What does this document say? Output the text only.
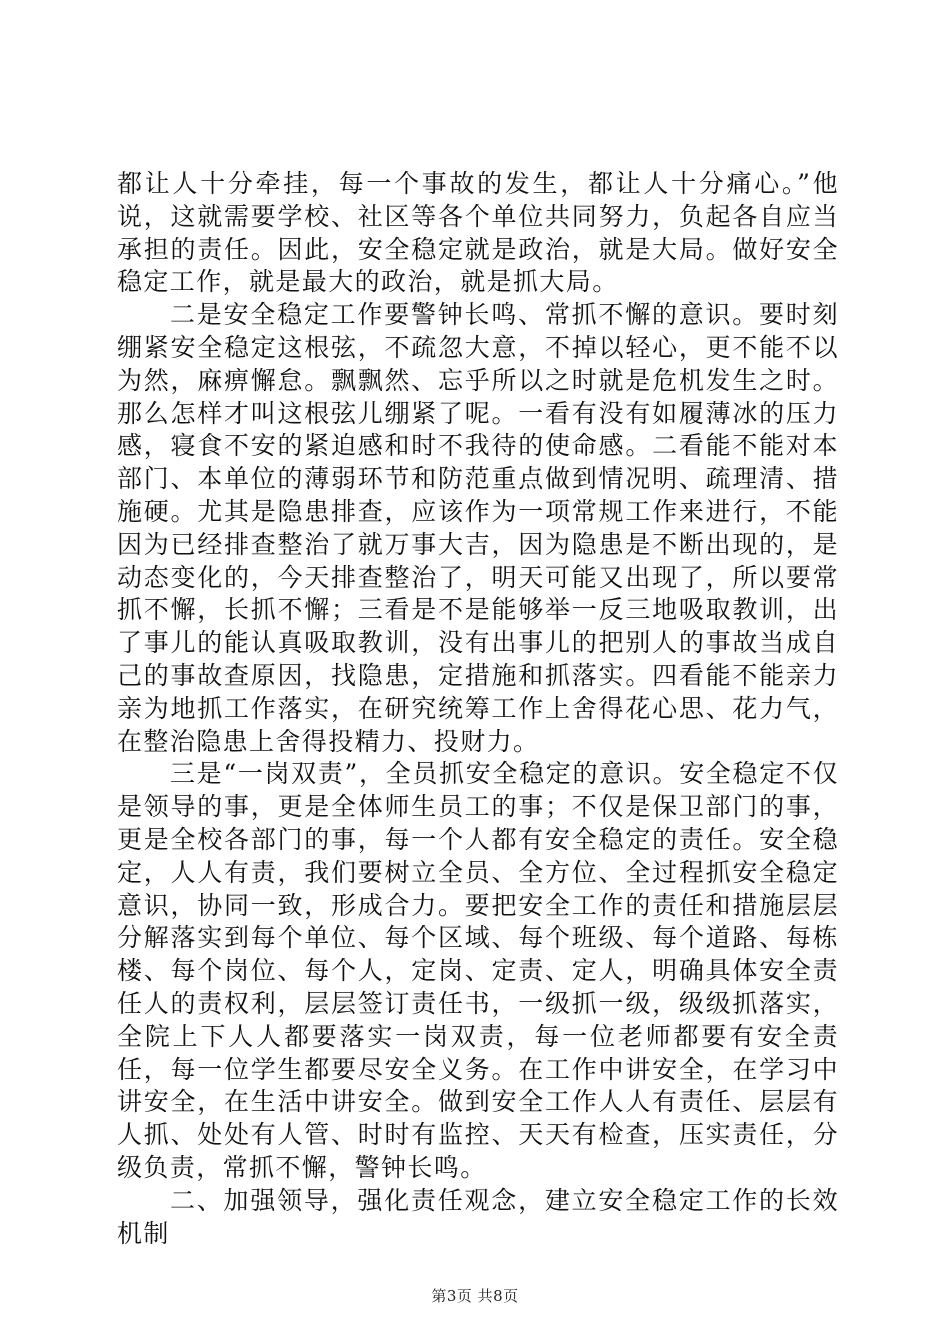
都让人十分牵挂，每一个事故的发生，都让人十分痛心。”他说，这就需要学校、社区等各个单位共同努力，负起各自应当承担的责任。因此，安全稳定就是政治，就是大局。做好安全稳定工作，就是最大的政治，就是抓大局。

二是安全稳定工作要警钟长鸣、常抓不懈的意识。要时刻绷紧安全稳定这根弦，不疏忽大意，不掉以轻心，更不能不以为然，麻痹懈怠。飘飘然、忘乎所以之时就是危机发生之时。那么怎样才叫这根弦儿绷紧了呢。一看有没有如履薄冰的压力感，寝食不安的紧迫感和时不我待的使命感。二看能不能对本部门、本单位的薄弱环节和防范重点做到情况明、疏理清、措施硬。尤其是隐患排查，应该作为一项常规工作来进行，不能因为已经排查整治了就万事大吉，因为隐患是不断出现的，是动态变化的，今天排查整治了，明天可能又出现了，所以要常抓不懈，长抓不懈；三看是不是能够举一反三地吸取教训，出了事儿的能认真吸取教训，没有出事儿的把别人的事故当成自己的事故查原因，找隐患，定措施和抓落实。四看能不能亲力亲为地抓工作落实，在研究统筹工作上舍得花心思、花力气，在整治隐患上舍得投精力、投财力。

三是“一岗双责”，全员抓安全稳定的意识。安全稳定不仅是领导的事，更是全体师生员工的事；不仅是保卫部门的事，更是全校各部门的事，每一个人都有安全稳定的责任。安全稳定，人人有责，我们要树立全员、全方位、全过程抓安全稳定意识，协同一致，形成合力。要把安全工作的责任和措施层层分解落实到每个单位、每个区域、每个班级、每个道路、每栋楼、每个岗位、每个人，定岗、定责、定人，明确具体安全责任人的责权利，层层签订责任书，一级抓一级，级级抓落实，全院上下人人都要落实一岗双责，每一位老师都要有安全责任，每一位学生都要尽安全义务。在工作中讲安全，在学习中讲安全，在生活中讲安全。做到安全工作人人有责任、层层有人抓、处处有人管、时时有监控、天天有检查，压实责任，分级负责，常抓不懈，警钟长鸣。

二、加强领导，强化责任观念，建立安全稳定工作的长效机制

第3页 共8页
